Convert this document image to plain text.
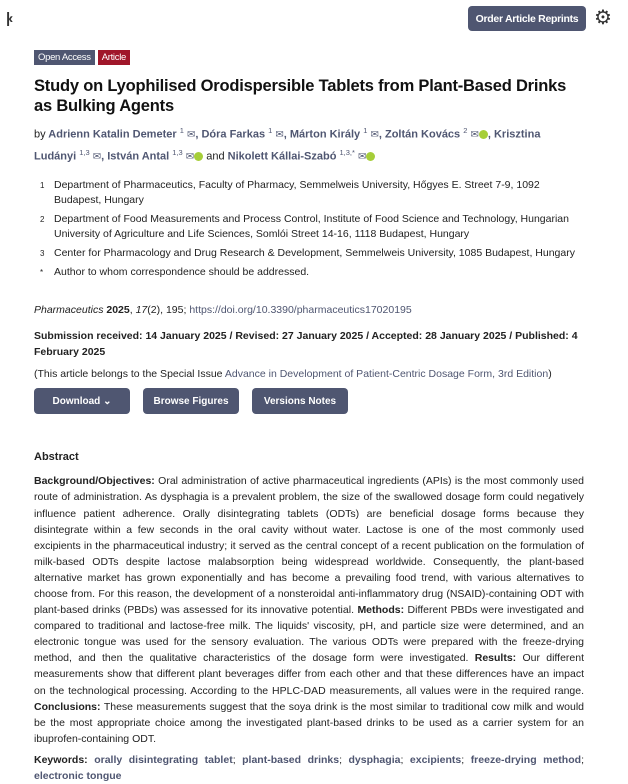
|‹	Order Article Reprints ⚙
Open Access	Article
Study on Lyophilised Orodispersible Tablets from Plant-Based Drinks as Bulking Agents
by Adrienn Katalin Demeter $^1$ ✉, Dóra Farkas $^1$ ✉, Márton Király $^1$ ✉, Zoltán Kovács $^2$ ✉ , Krisztina Ludányi $^{1,3}$ ✉, István Antal $^{1,3}$ ✉ and Nikolett Kállai-Szabó $^{1,3,*}$ ✉
1 Department of Pharmaceutics, Faculty of Pharmacy, Semmelweis University, Hőgyes E. Street 7-9, 1092 Budapest, Hungary
2 Department of Food Measurements and Process Control, Institute of Food Science and Technology, Hungarian University of Agriculture and Life Sciences, Somlói Street 14-16, 1118 Budapest, Hungary
3 Center for Pharmacology and Drug Research & Development, Semmelweis University, 1085 Budapest, Hungary
*	Author to whom correspondence should be addressed.
Pharmaceutics 2025, 17(2), 195; https://doi.org/10.3390/pharmaceutics17020195
Submission received: 14 January 2025 / Revised: 27 January 2025 / Accepted: 28 January 2025 / Published: 4 February 2025
(This article belongs to the Special Issue Advance in Development of Patient-Centric Dosage Form, 3rd Edition)
Download
⌄	Browse Figures	Versions Notes
Abstract
Background/Objectives: Oral administration of active pharmaceutical ingredients (APIs) is the most commonly used route of administration. As dysphagia is a prevalent problem, the size of the swallowed dosage form could negatively influence patient adherence. Orally disintegrating tablets (ODTs) are beneficial dosage forms because they disintegrate within a few seconds in the oral cavity without water. Lactose is one of the most commonly used excipients in the pharmaceutical industry; it served as the central concept of a recent publication on the formulation of milk-based ODTs despite lactose malabsorption being widespread worldwide. Consequently, the plant-based alternative market has grown exponentially and has become a prevailing food trend, with various alternatives to choose from. For this reason, the development of a nonsteroidal anti-inflammatory drug (NSAID)-containing ODT with plant-based drinks (PBDs) was assessed for its innovative potential. Methods: Different PBDs were investigated and compared to traditional and lactose-free milk. The liquids' viscosity, pH, and particle size were determined, and an electronic tongue was used for the sensory evaluation. The various ODTs were prepared with the freeze-drying method, and then the qualitative characteristics of the dosage form were investigated. Results: Our different measurements show that different plant beverages differ from each other and that these differences have an impact on the technological processing. According to the HPLC-DAD measurements, all values were in the required range. Conclusions: These measurements suggest that the soya drink is the most similar to traditional cow milk and would be the most appropriate choice among the investigated plant-based drinks to be used as a carrier system for an ibuprofen-containing ODT.
Keywords: orally disintegrating tablet; plant-based drinks; dysphagia; excipients; freeze-drying method; electronic tongue
